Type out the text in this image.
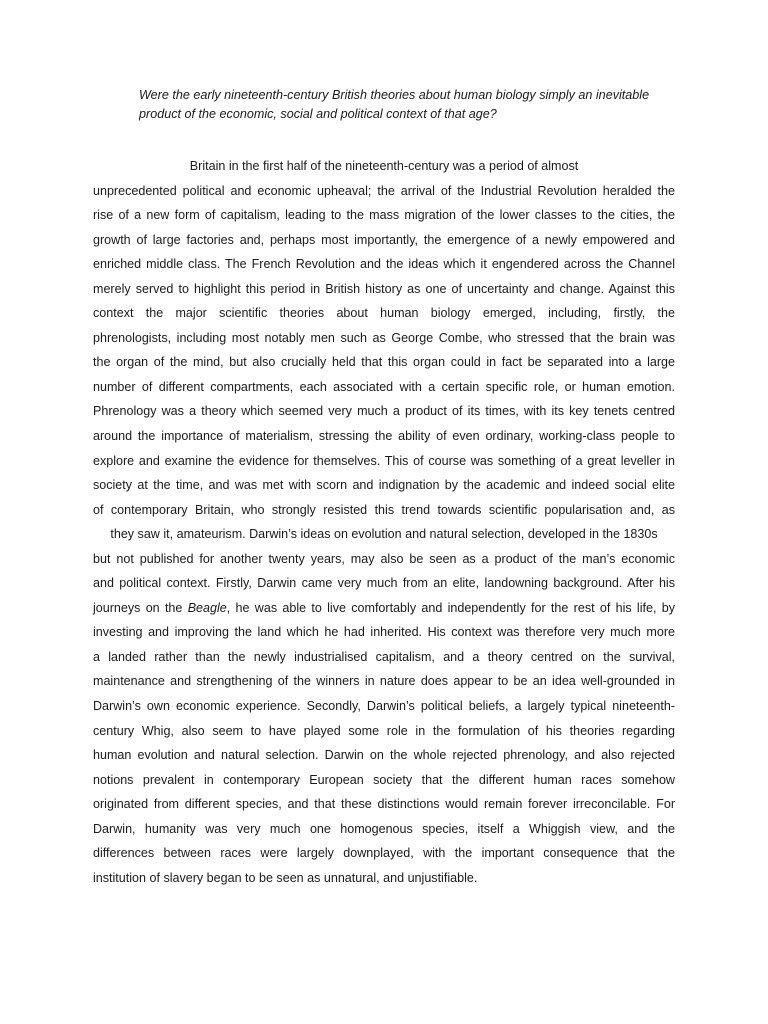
Were the early nineteenth-century British theories about human biology simply an inevitable
product of the economic, social and political context of that age?

Britain in the first half of the nineteenth-century was a period of almost
unprecedented political and economic upheaval; the arrival of the Industrial Revolution heralded the
rise of a new form of capitalism, leading to the mass migration of the lower classes to the cities, the
growth of large factories and, perhaps most importantly, the emergence of a newly empowered and
enriched middle class. The French Revolution and the ideas which it engendered across the Channel
merely served to highlight this period in British history as one of uncertainty and change. Against this
context the major scientific theories about human biology emerged, including, firstly, the
phrenologists, including most notably men such as George Combe, who stressed that the brain was
the organ of the mind, but also crucially held that this organ could in fact be separated into a large
number of different compartments, each associated with a certain specific role, or human emotion.
Phrenology was a theory which seemed very much a product of its times, with its key tenets centred
around the importance of materialism, stressing the ability of even ordinary, working-class people to
explore and examine the evidence for themselves. This of course was something of a great leveller in
society at the time, and was met with scorn and indignation by the academic and indeed social elite
of contemporary Britain, who strongly resisted this trend towards scientific popularisation and, as
they saw it, amateurism. Darwin’s ideas on evolution and natural selection, developed in the 1830s
but not published for another twenty years, may also be seen as a product of the man’s economic
and political context. Firstly, Darwin came very much from an elite, landowning background. After his
journeys on the Beagle, he was able to live comfortably and independently for the rest of his life, by
investing and improving the land which he had inherited. His context was therefore very much more
a landed rather than the newly industrialised capitalism, and a theory centred on the survival,
maintenance and strengthening of the winners in nature does appear to be an idea well-grounded in
Darwin’s own economic experience. Secondly, Darwin’s political beliefs, a largely typical nineteenth-
century Whig, also seem to have played some role in the formulation of his theories regarding
human evolution and natural selection. Darwin on the whole rejected phrenology, and also rejected
notions prevalent in contemporary European society that the different human races somehow
originated from different species, and that these distinctions would remain forever irreconcilable. For
Darwin, humanity was very much one homogenous species, itself a Whiggish view, and the
differences between races were largely downplayed, with the important consequence that the
institution of slavery began to be seen as unnatural, and unjustifiable.
